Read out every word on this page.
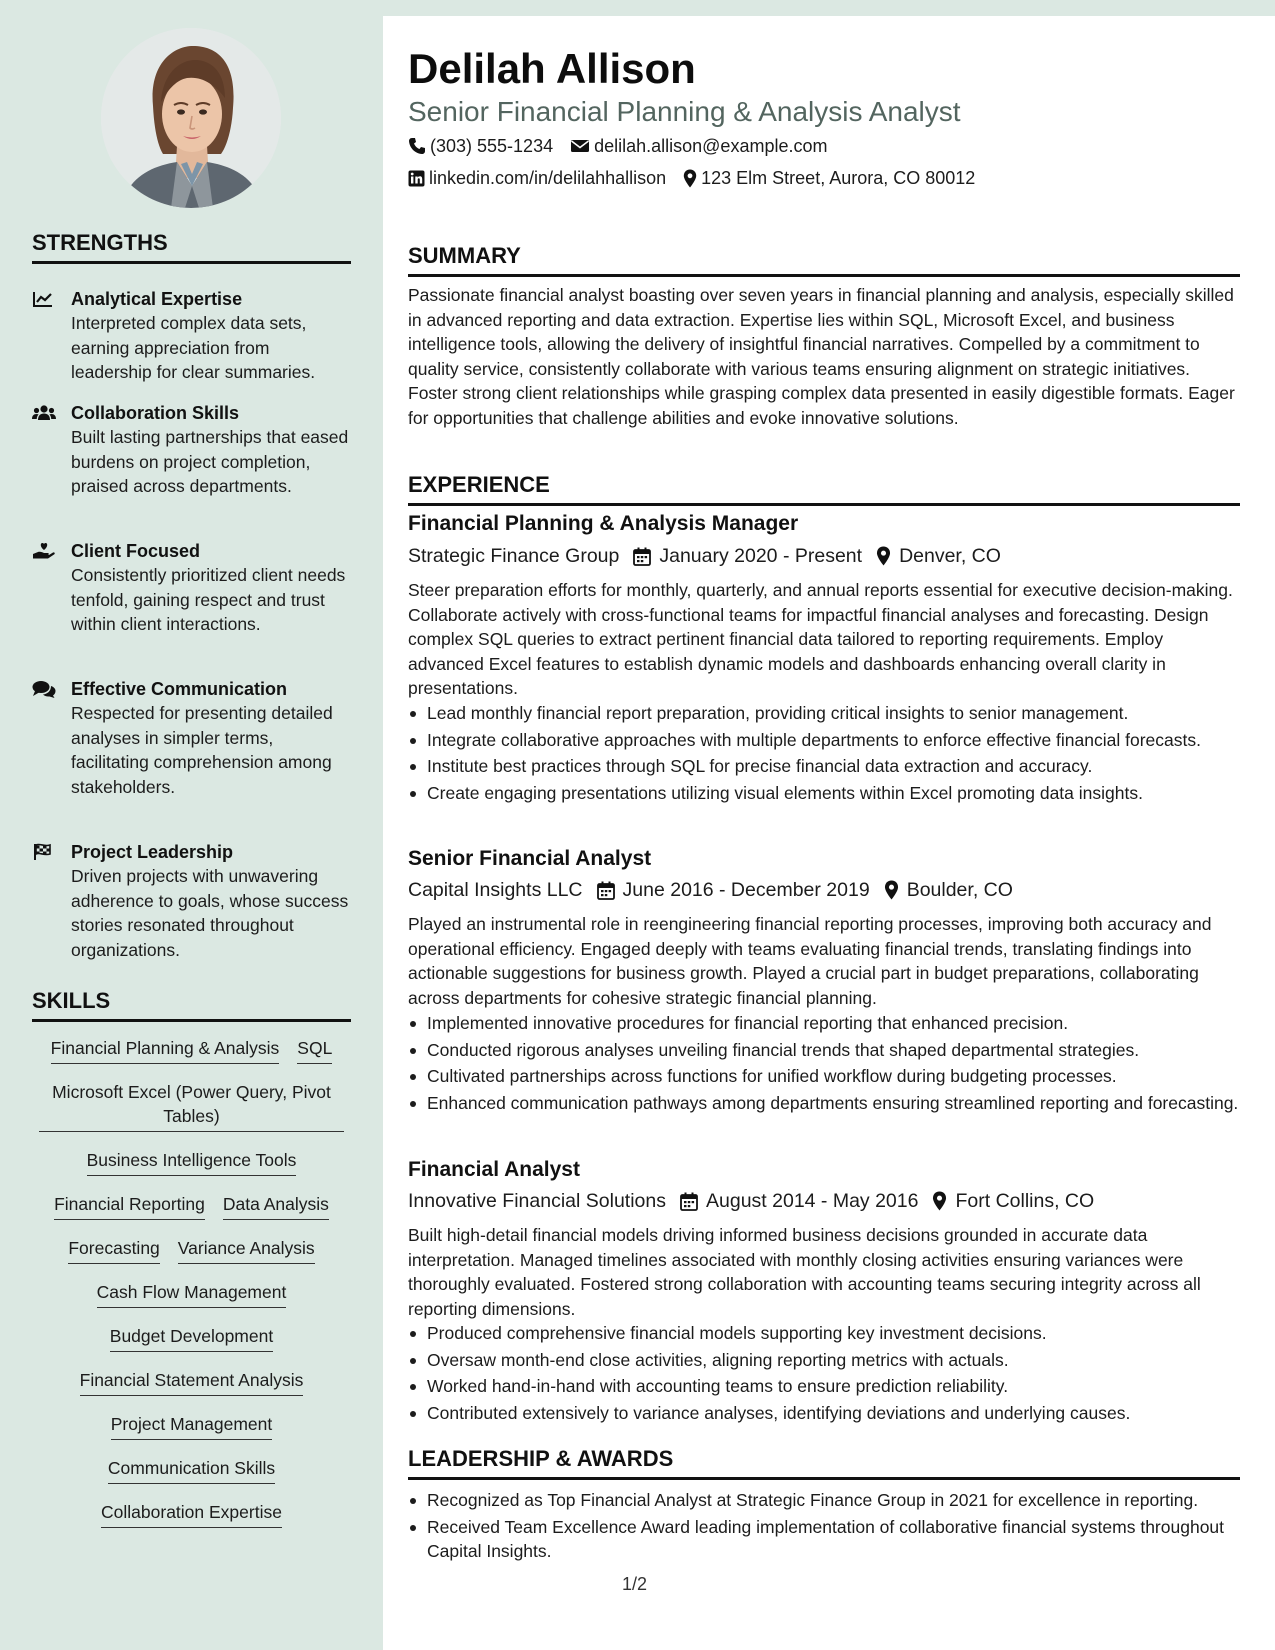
STRENGTHS
Analytical Expertise
Interpreted complex data sets, earning appreciation from leadership for clear summaries.
Collaboration Skills
Built lasting partnerships that eased burdens on project completion, praised across departments.
Client Focused
Consistently prioritized client needs tenfold, gaining respect and trust within client interactions.
Effective Communication
Respected for presenting detailed analyses in simpler terms, facilitating comprehension among stakeholders.
Project Leadership
Driven projects with unwavering adherence to goals, whose success stories resonated throughout organizations.
SKILLS
Financial Planning & Analysis SQL
Microsoft Excel (Power Query, Pivot Tables)
Business Intelligence Tools
Financial Reporting Data Analysis
Forecasting Variance Analysis
Cash Flow Management
Budget Development
Financial Statement Analysis
Project Management
Communication Skills
Collaboration Expertise
Delilah Allison
Senior Financial Planning & Analysis Analyst
(303) 555-1234 delilah.allison@example.com
linkedin.com/in/delilahhallison 123 Elm Street, Aurora, CO 80012
SUMMARY
Passionate financial analyst boasting over seven years in financial planning and analysis, especially skilled in advanced reporting and data extraction. Expertise lies within SQL, Microsoft Excel, and business intelligence tools, allowing the delivery of insightful financial narratives. Compelled by a commitment to quality service, consistently collaborate with various teams ensuring alignment on strategic initiatives. Foster strong client relationships while grasping complex data presented in easily digestible formats. Eager for opportunities that challenge abilities and evoke innovative solutions.
EXPERIENCE
Financial Planning & Analysis Manager
Strategic Finance Group January 2020 - Present Denver, CO
Steer preparation efforts for monthly, quarterly, and annual reports essential for executive decision-making. Collaborate actively with cross-functional teams for impactful financial analyses and forecasting. Design complex SQL queries to extract pertinent financial data tailored to reporting requirements. Employ advanced Excel features to establish dynamic models and dashboards enhancing overall clarity in presentations.
Lead monthly financial report preparation, providing critical insights to senior management.
Integrate collaborative approaches with multiple departments to enforce effective financial forecasts.
Institute best practices through SQL for precise financial data extraction and accuracy.
Create engaging presentations utilizing visual elements within Excel promoting data insights.
Senior Financial Analyst
Capital Insights LLC June 2016 - December 2019 Boulder, CO
Played an instrumental role in reengineering financial reporting processes, improving both accuracy and operational efficiency. Engaged deeply with teams evaluating financial trends, translating findings into actionable suggestions for business growth. Played a crucial part in budget preparations, collaborating across departments for cohesive strategic financial planning.
Implemented innovative procedures for financial reporting that enhanced precision.
Conducted rigorous analyses unveiling financial trends that shaped departmental strategies.
Cultivated partnerships across functions for unified workflow during budgeting processes.
Enhanced communication pathways among departments ensuring streamlined reporting and forecasting.
Financial Analyst
Innovative Financial Solutions August 2014 - May 2016 Fort Collins, CO
Built high-detail financial models driving informed business decisions grounded in accurate data interpretation. Managed timelines associated with monthly closing activities ensuring variances were thoroughly evaluated. Fostered strong collaboration with accounting teams securing integrity across all reporting dimensions.
Produced comprehensive financial models supporting key investment decisions.
Oversaw month-end close activities, aligning reporting metrics with actuals.
Worked hand-in-hand with accounting teams to ensure prediction reliability.
Contributed extensively to variance analyses, identifying deviations and underlying causes.
LEADERSHIP & AWARDS
Recognized as Top Financial Analyst at Strategic Finance Group in 2021 for excellence in reporting.
Received Team Excellence Award leading implementation of collaborative financial systems throughout Capital Insights.
1/2
